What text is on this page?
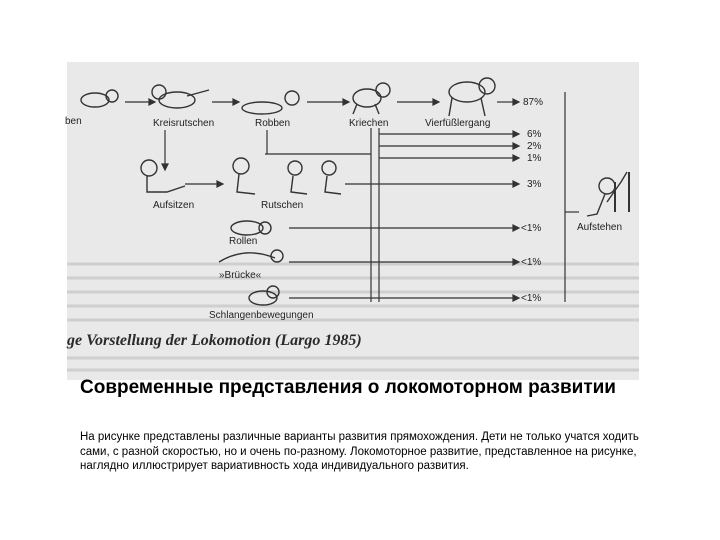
ben	Kreisrutschen	Robben	Kriechen	Vierfüßlergang
Aufsitzen	Rutschen
Rollen
»Brücke«
Schlangenbewegungen
Aufstehen
87%
6%
2%
1%
3%
<1%
<1%
<1%
ge Vorstellung der Lokomotion (Largo 1985)
Современные представления о локомоторном развитии
На рисунке представлены различные варианты развития прямохождения. Дети не только учатся ходить сами, с разной скоростью, но и очень по-разному. Локомоторное развитие, представленное на рисунке, наглядно иллюстрирует вариативность хода индивидуального развития.
